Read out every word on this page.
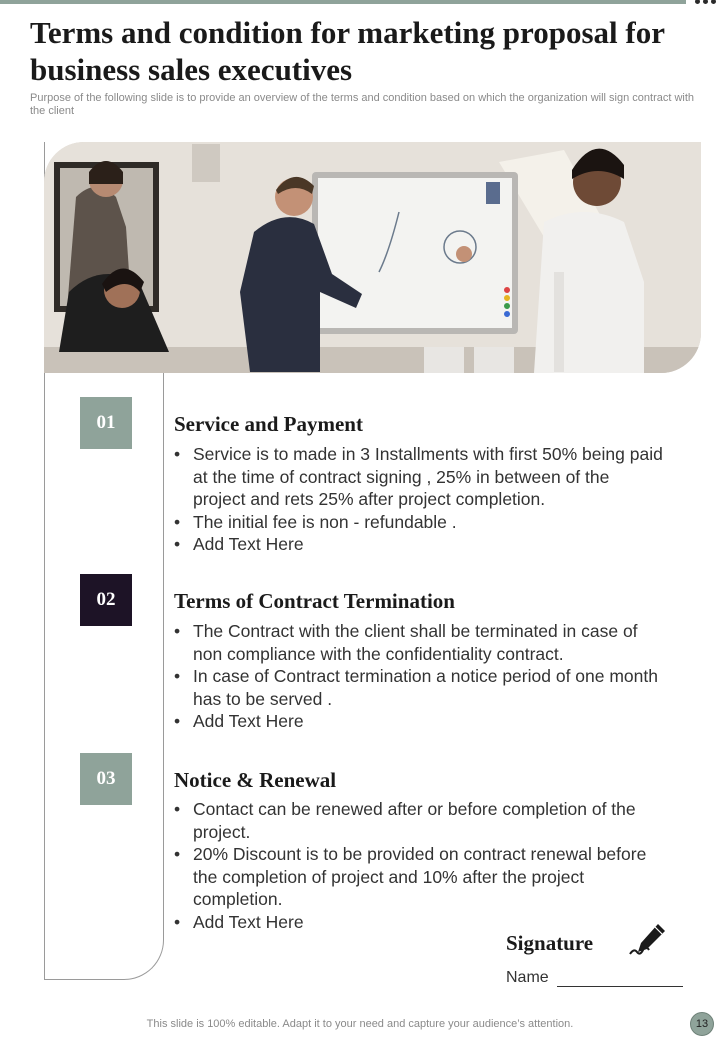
Terms and condition for marketing proposal for business sales executives
Purpose of the following slide is to provide an overview of the terms and condition based on which the organization will sign contract with the client
01	Service and Payment
• Service is to made in 3 Installments with first 50% being paid at the time of contract signing , 25% in between of the project and rets 25% after project completion.
• The initial fee is non - refundable .
• Add Text Here
02	Terms of Contract Termination
• The Contract with the client shall be terminated in case of non compliance with the confidentiality contract.
• In case of Contract termination a notice period of one month has to be served .
• Add Text Here
03	Notice & Renewal
• Contact can be renewed after or before completion of the project.
• 20% Discount is to be provided on contract renewal before the completion of project and 10% after the project completion.
• Add Text Here
Signature
Name
This slide is 100% editable. Adapt it to your need and capture your audience’s attention.	13
